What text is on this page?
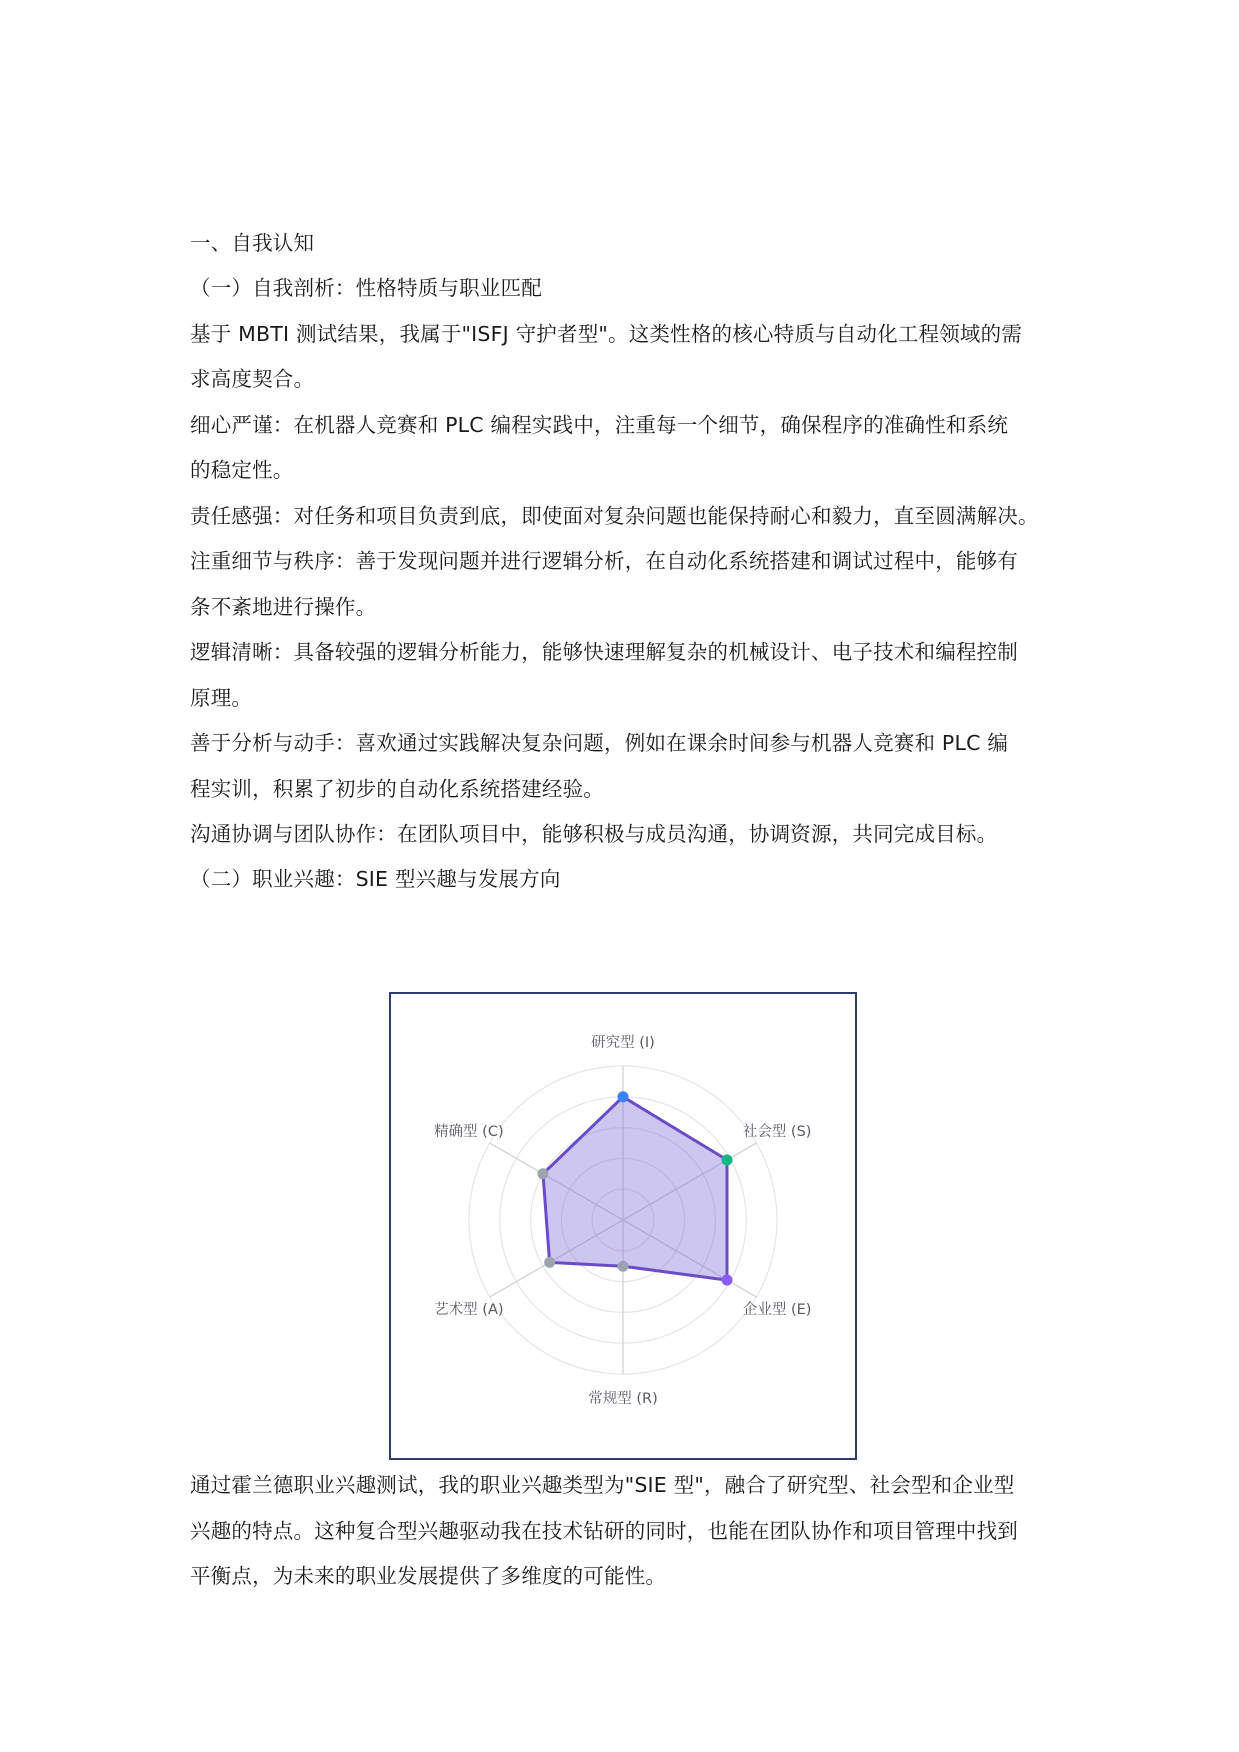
一、自我认知
（一）自我剖析：性格特质与职业匹配
基于 MBTI 测试结果，我属于"ISFJ 守护者型"。这类性格的核心特质与自动化工程领域的需
求高度契合。
细心严谨：在机器人竞赛和 PLC 编程实践中，注重每一个细节，确保程序的准确性和系统
的稳定性。
责任感强：对任务和项目负责到底，即使面对复杂问题也能保持耐心和毅力，直至圆满解决。
注重细节与秩序：善于发现问题并进行逻辑分析，在自动化系统搭建和调试过程中，能够有
条不紊地进行操作。
逻辑清晰：具备较强的逻辑分析能力，能够快速理解复杂的机械设计、电子技术和编程控制
原理。
善于分析与动手：喜欢通过实践解决复杂问题，例如在课余时间参与机器人竞赛和 PLC 编
程实训，积累了初步的自动化系统搭建经验。
沟通协调与团队协作：在团队项目中，能够积极与成员沟通，协调资源，共同完成目标。
（二）职业兴趣：SIE 型兴趣与发展方向
研究型 (I)
社会型 (S)
企业型 (E)
常规型 (R)
艺术型 (A)
精确型 (C)
通过霍兰德职业兴趣测试，我的职业兴趣类型为"SIE 型"，融合了研究型、社会型和企业型
兴趣的特点。这种复合型兴趣驱动我在技术钻研的同时，也能在团队协作和项目管理中找到
平衡点，为未来的职业发展提供了多维度的可能性。
